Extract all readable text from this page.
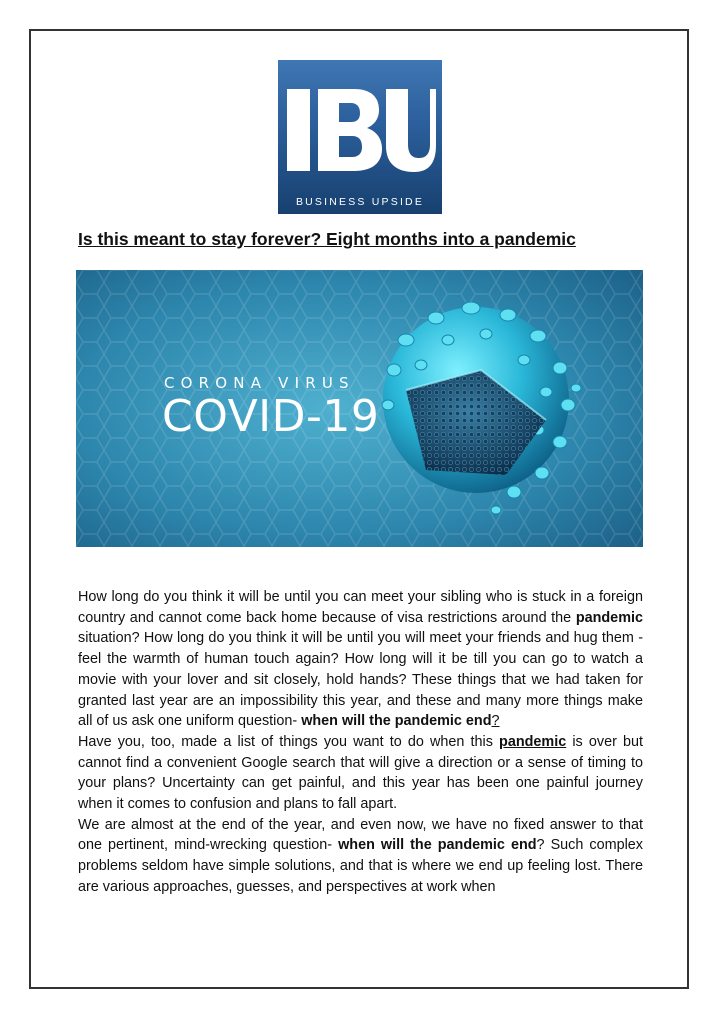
BUSINESS UPSIDE
Is this meant to stay forever? Eight months into a pandemic
CORONA VIRUS
COVID-19

How long do you think it will be until you can meet your sibling who is stuck in a foreign country and cannot come back home because of visa restrictions around the pandemic situation? How long do you think it will be until you will meet your friends and hug them - feel the warmth of human touch again? How long will it be till you can go to watch a movie with your lover and sit closely, hold hands? These things that we had taken for granted last year are an impossibility this year, and these and many more things make all of us ask one uniform question- when will the pandemic end?

Have you, too, made a list of things you want to do when this pandemic is over but cannot find a convenient Google search that will give a direction or a sense of timing to your plans? Uncertainty can get painful, and this year has been one painful journey when it comes to confusion and plans to fall apart.

We are almost at the end of the year, and even now, we have no fixed answer to that one pertinent, mind-wrecking question- when will the pandemic end? Such complex problems seldom have simple solutions, and that is where we end up feeling lost. There are various approaches, guesses, and perspectives at work when
